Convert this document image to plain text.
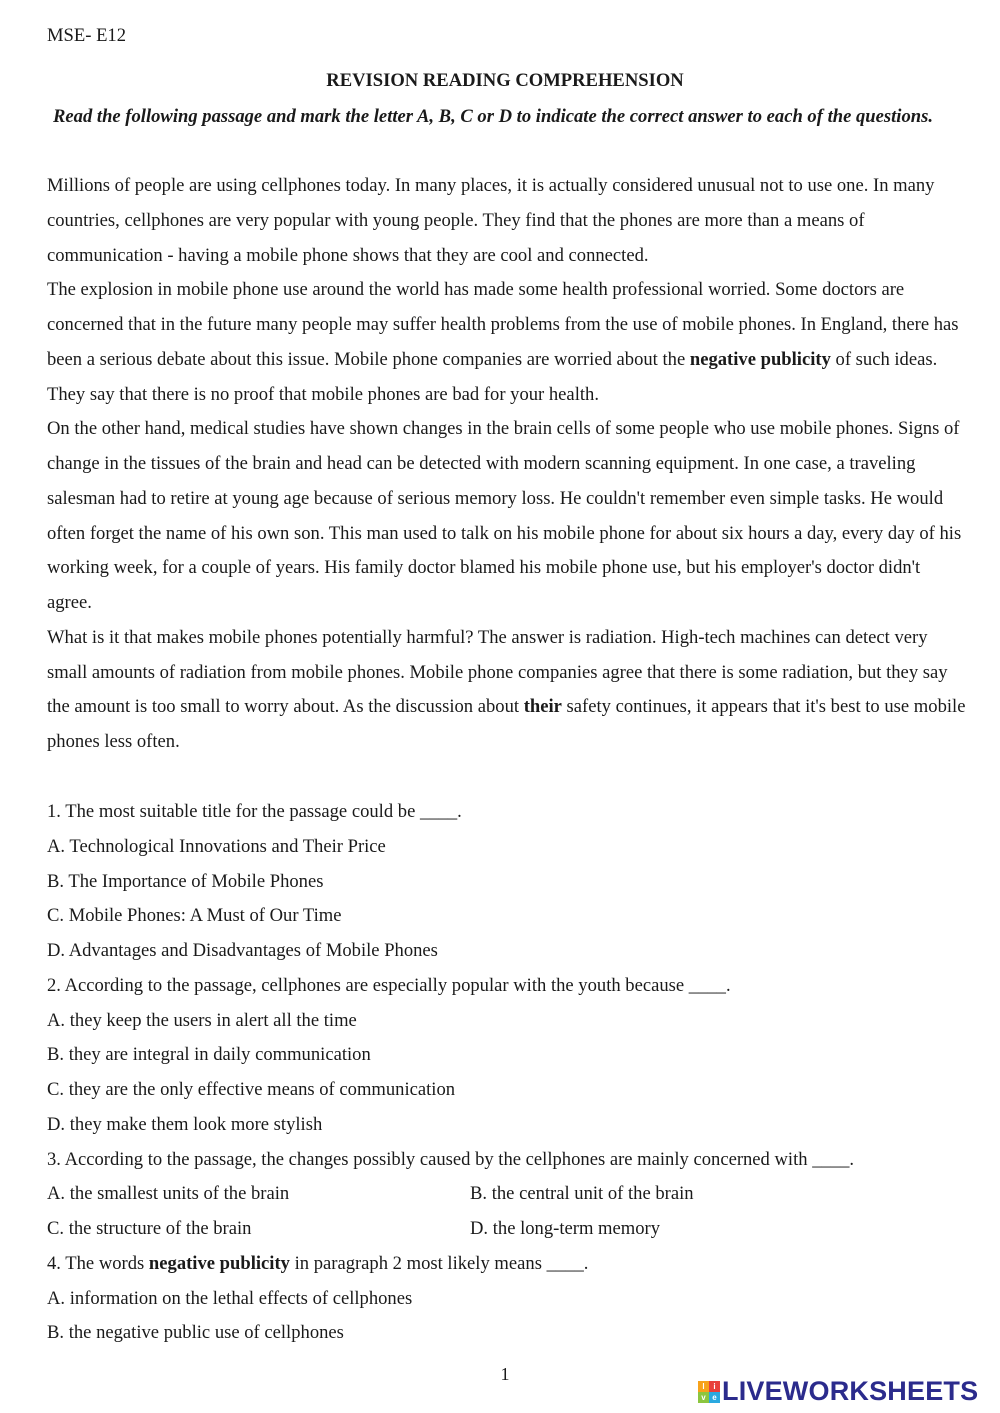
MSE- E12
REVISION READING COMPREHENSION
Read the following passage and mark the letter A, B, C or D to indicate the correct answer to each of the questions.

Millions of people are using cellphones today. In many places, it is actually considered unusual not to use one. In many countries, cellphones are very popular with young people. They find that the phones are more than a means of communication - having a mobile phone shows that they are cool and connected.

The explosion in mobile phone use around the world has made some health professional worried. Some doctors are concerned that in the future many people may suffer health problems from the use of mobile phones. In England, there has been a serious debate about this issue. Mobile phone companies are worried about the negative publicity of such ideas. They say that there is no proof that mobile phones are bad for your health.

On the other hand, medical studies have shown changes in the brain cells of some people who use mobile phones. Signs of change in the tissues of the brain and head can be detected with modern scanning equipment. In one case, a traveling salesman had to retire at young age because of serious memory loss. He couldn't remember even simple tasks. He would often forget the name of his own son. This man used to talk on his mobile phone for about six hours a day, every day of his working week, for a couple of years. His family doctor blamed his mobile phone use, but his employer's doctor didn't agree.

What is it that makes mobile phones potentially harmful? The answer is radiation. High-tech machines can detect very small amounts of radiation from mobile phones. Mobile phone companies agree that there is some radiation, but they say the amount is too small to worry about. As the discussion about their safety continues, it appears that it's best to use mobile phones less often.

1. The most suitable title for the passage could be ____.

A. Technological Innovations and Their Price

B. The Importance of Mobile Phones

C. Mobile Phones: A Must of Our Time

D. Advantages and Disadvantages of Mobile Phones

2. According to the passage, cellphones are especially popular with the youth because ____.

A. they keep the users in alert all the time

B. they are integral in daily communication

C. they are the only effective means of communication

D. they make them look more stylish

3. According to the passage, the changes possibly caused by the cellphones are mainly concerned with ____.

A. the smallest units of the brain	B. the central unit of the brain

C. the structure of the brain	D. the long-term memory

4. The words negative publicity in paragraph 2 most likely means ____.

A. information on the lethal effects of cellphones

B. the negative public use of cellphones

1
l	i
v e LIVEWORKSHEETS
